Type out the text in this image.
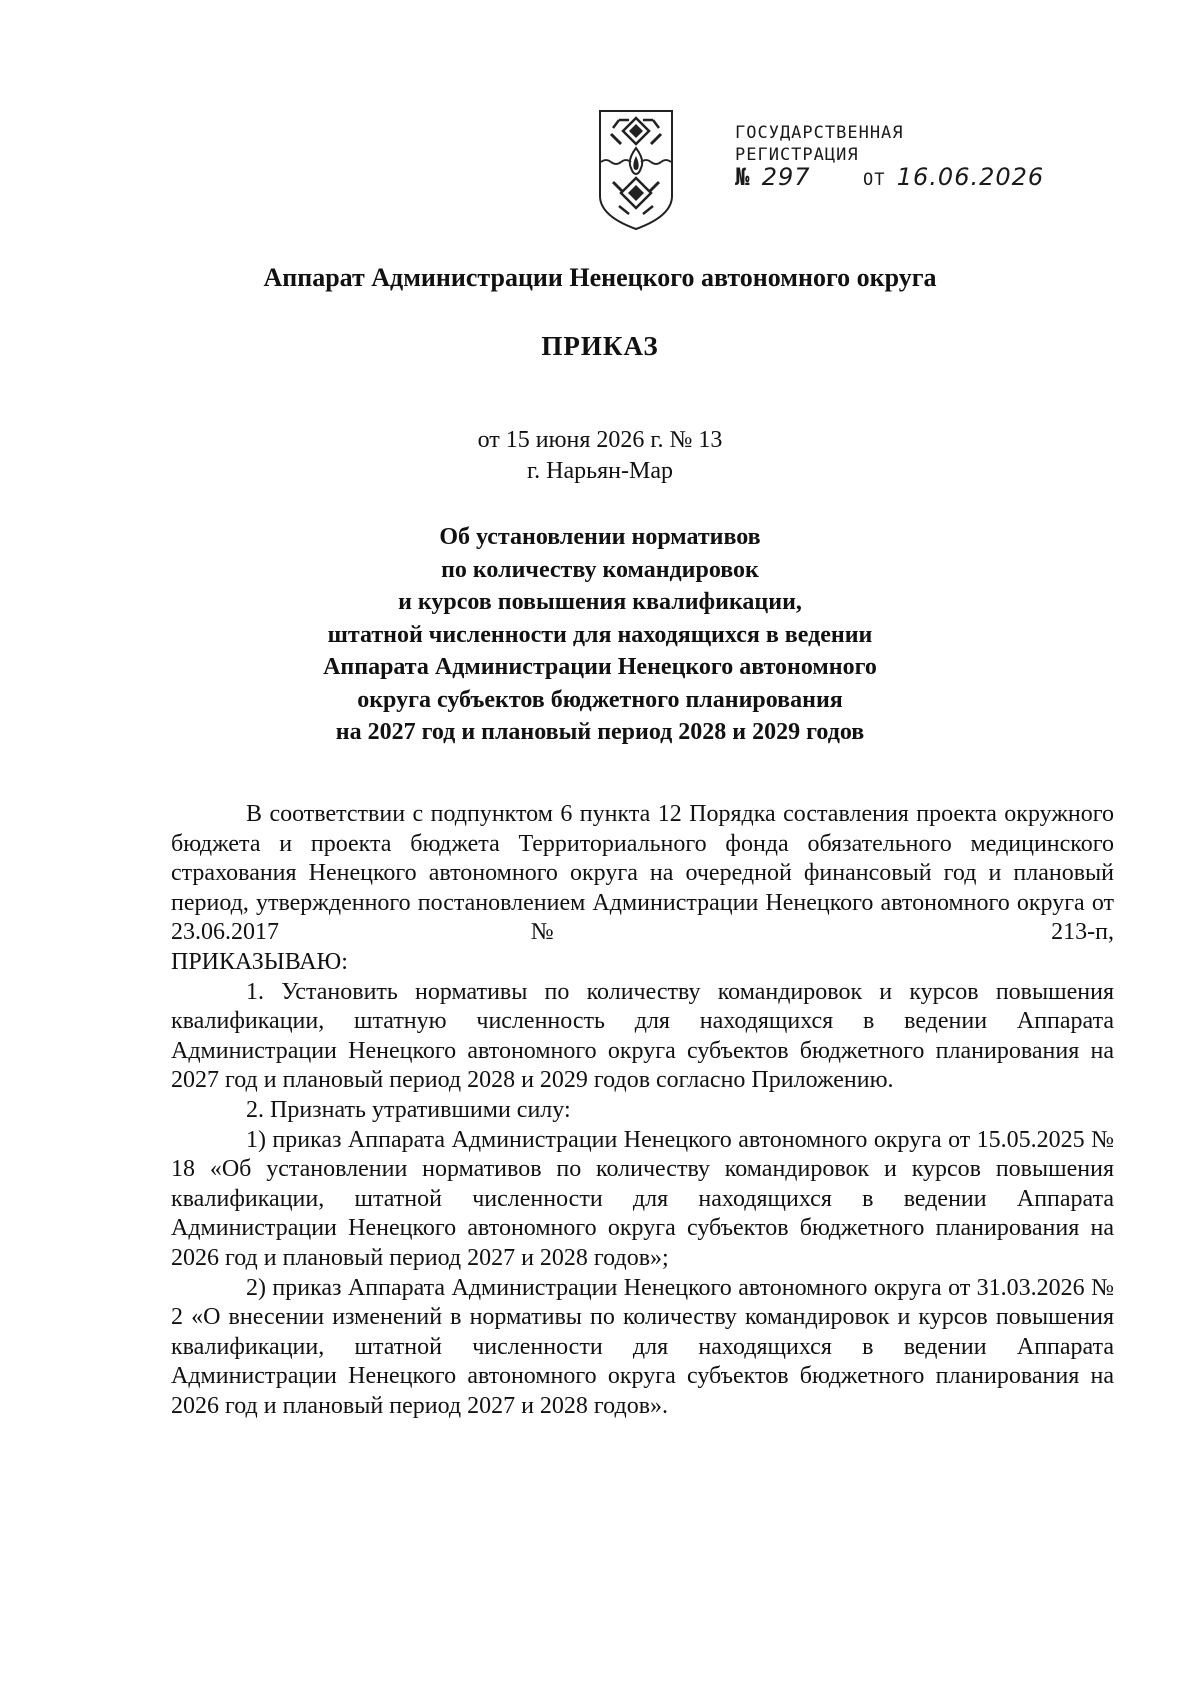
ГОСУДАРСТВЕННАЯ
РЕГИСТРАЦИЯ
№ 297	ОТ 16.06.2026
Аппарат Администрации Ненецкого автономного округа
ПРИКАЗ
от 15 июня 2026 г. № 13
г. Нарьян-Мар
Об установлении нормативов
по количеству командировок
и курсов повышения квалификации,
штатной численности для находящихся в ведении
Аппарата Администрации Ненецкого автономного
округа субъектов бюджетного планирования
на 2027 год и плановый период 2028 и 2029 годов

В соответствии с подпунктом 6 пункта 12 Порядка составления проекта окружного бюджета и проекта бюджета Территориального фонда обязательного медицинского страхования Ненецкого автономного округа на очередной финансовый год и плановый период, утвержденного постановлением Администрации Ненецкого автономного округа от 23.06.2017 № 213-п,

ПРИКАЗЫВАЮ:

1. Установить нормативы по количеству командировок и курсов повышения квалификации, штатную численность для находящихся в ведении Аппарата Администрации Ненецкого автономного округа субъектов бюджетного планирования на 2027 год и плановый период 2028 и 2029 годов согласно Приложению.

2. Признать утратившими силу:

1) приказ Аппарата Администрации Ненецкого автономного округа от 15.05.2025 № 18 «Об установлении нормативов по количеству командировок и курсов повышения квалификации, штатной численности для находящихся в ведении Аппарата Администрации Ненецкого автономного округа субъектов бюджетного планирования на 2026 год и плановый период 2027 и 2028 годов»;

2) приказ Аппарата Администрации Ненецкого автономного округа от 31.03.2026 № 2 «О внесении изменений в нормативы по количеству командировок и курсов повышения квалификации, штатной численности для находящихся в ведении Аппарата Администрации Ненецкого автономного округа субъектов бюджетного планирования на 2026 год и плановый период 2027 и 2028 годов».
